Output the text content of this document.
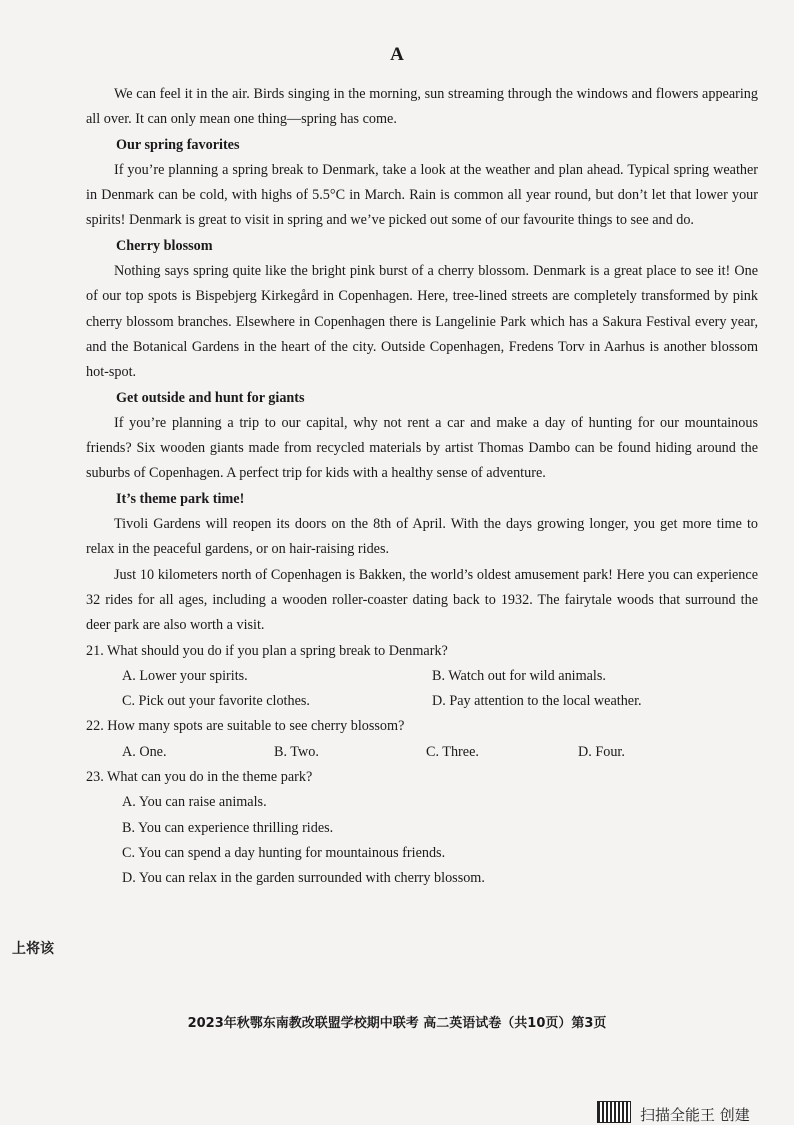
A

We can feel it in the air. Birds singing in the morning, sun streaming through the windows and flowers appearing all over. It can only mean one thing—spring has come.

Our spring favorites

If you’re planning a spring break to Denmark, take a look at the weather and plan ahead. Typical spring weather in Denmark can be cold, with highs of 5.5°C in March. Rain is common all year round, but don’t let that lower your spirits! Denmark is great to visit in spring and we’ve picked out some of our favourite things to see and do.

Cherry blossom

Nothing says spring quite like the bright pink burst of a cherry blossom. Denmark is a great place to see it! One of our top spots is Bispebjerg Kirkegård in Copenhagen. Here, tree-lined streets are completely transformed by pink cherry blossom branches. Elsewhere in Copenhagen there is Langelinie Park which has a Sakura Festival every year, and the Botanical Gardens in the heart of the city. Outside Copenhagen, Fredens Torv in Aarhus is another blossom hot-spot.

Get outside and hunt for giants

If you’re planning a trip to our capital, why not rent a car and make a day of hunting for our mountainous friends? Six wooden giants made from recycled materials by artist Thomas Dambo can be found hiding around the suburbs of Copenhagen. A perfect trip for kids with a healthy sense of adventure.

It’s theme park time!

Tivoli Gardens will reopen its doors on the 8th of April. With the days growing longer, you get more time to relax in the peaceful gardens, or on hair-raising rides.

Just 10 kilometers north of Copenhagen is Bakken, the world’s oldest amusement park! Here you can experience 32 rides for all ages, including a wooden roller-coaster dating back to 1932. The fairytale woods that surround the deer park are also worth a visit.

21. What should you do if you plan a spring break to Denmark?
A. Lower your spirits.	B. Watch out for wild animals.
C. Pick out your favorite clothes.	D. Pay attention to the local weather.
22. How many spots are suitable to see cherry blossom?
A. One.	B. Two.	C. Three.	D. Four.
23. What can you do in the theme park?
A. You can raise animals.
B. You can experience thrilling rides.
C. You can spend a day hunting for mountainous friends.
D. You can relax in the garden surrounded with cherry blossom.
上将该
2023年秋鄂东南教改联盟学校期中联考 高二英语试卷（共10页）第3页
扫描全能王 创建
